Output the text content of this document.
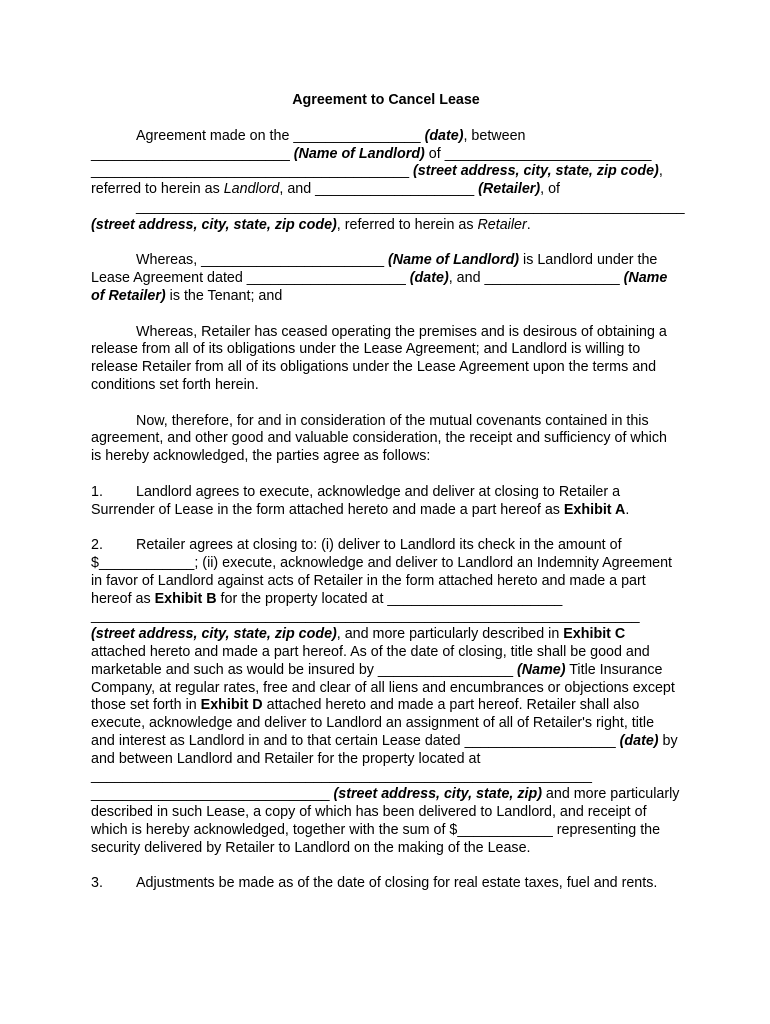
Agreement to Cancel Lease

Agreement made on the ________________ (date), between _________________________ (Name of Landlord) of __________________________ ________________________________________ (street address, city, state, zip code), referred to herein as Landlord, and ____________________ (Retailer), of
_____________________________________________________________________
(street address, city, state, zip code), referred to herein as Retailer.

Whereas, _______________________ (Name of Landlord) is Landlord under the Lease Agreement dated ____________________ (date), and _________________ (Name of Retailer) is the Tenant; and

Whereas, Retailer has ceased operating the premises and is desirous of obtaining a release from all of its obligations under the Lease Agreement; and Landlord is willing to release Retailer from all of its obligations under the Lease Agreement upon the terms and conditions set forth herein.

Now, therefore, for and in consideration of the mutual covenants contained in this agreement, and other good and valuable consideration, the receipt and sufficiency of which is hereby acknowledged, the parties agree as follows:

1. Landlord agrees to execute, acknowledge and deliver at closing to Retailer a Surrender of Lease in the form attached hereto and made a part hereof as Exhibit A.

2. Retailer agrees at closing to: (i) deliver to Landlord its check in the amount of $____________; (ii) execute, acknowledge and deliver to Landlord an Indemnity Agreement in favor of Landlord against acts of Retailer in the form attached hereto and made a part hereof as Exhibit B for the property located at ______________________
_____________________________________________________________________
(street address, city, state, zip code), and more particularly described in Exhibit C attached hereto and made a part hereof. As of the date of closing, title shall be good and marketable and such as would be insured by _________________ (Name) Title Insurance Company, at regular rates, free and clear of all liens and encumbrances or objections except those set forth in Exhibit D attached hereto and made a part hereof. Retailer shall also execute, acknowledge and deliver to Landlord an assignment of all of Retailer's right, title and interest as Landlord in and to that certain Lease dated ___________________ (date) by and between Landlord and Retailer for the property located at _______________________________________________________________ ______________________________ (street address, city, state, zip) and more particularly described in such Lease, a copy of which has been delivered to Landlord, and receipt of which is hereby acknowledged, together with the sum of $____________ representing the security delivered by Retailer to Landlord on the making of the Lease.

3. Adjustments be made as of the date of closing for real estate taxes, fuel and rents.
